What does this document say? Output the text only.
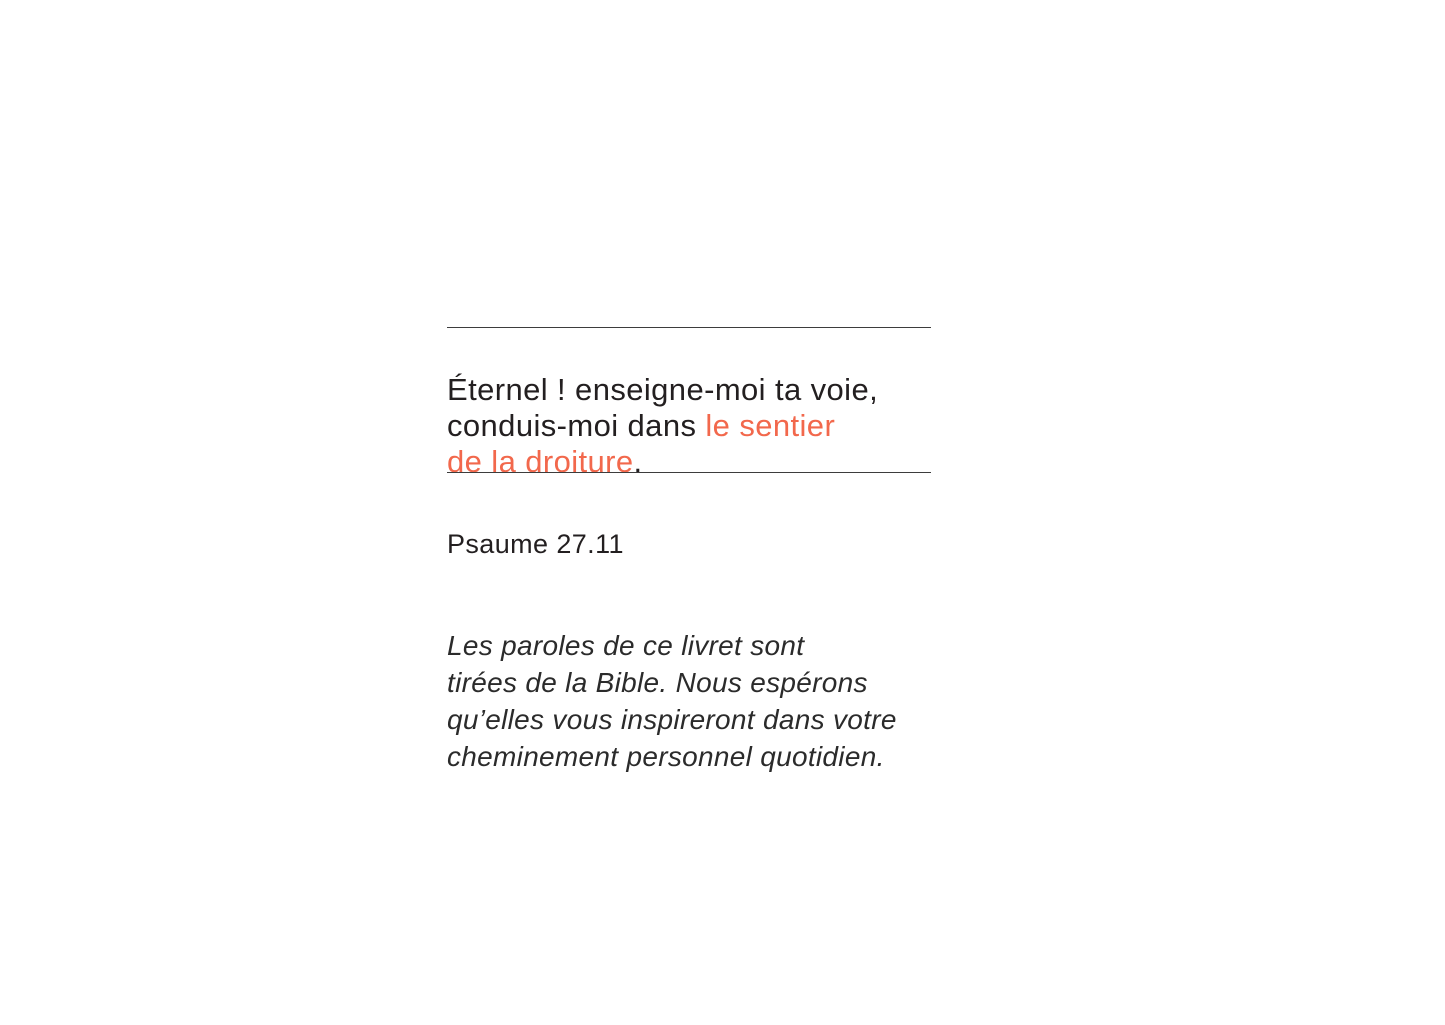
Éternel ! enseigne-moi ta voie,
conduis-moi dans le sentier
de la droiture.

Psaume 27.11

Les paroles de ce livret sont
tirées de la Bible. Nous espérons
qu’elles vous inspireront dans votre
cheminement personnel quotidien.
